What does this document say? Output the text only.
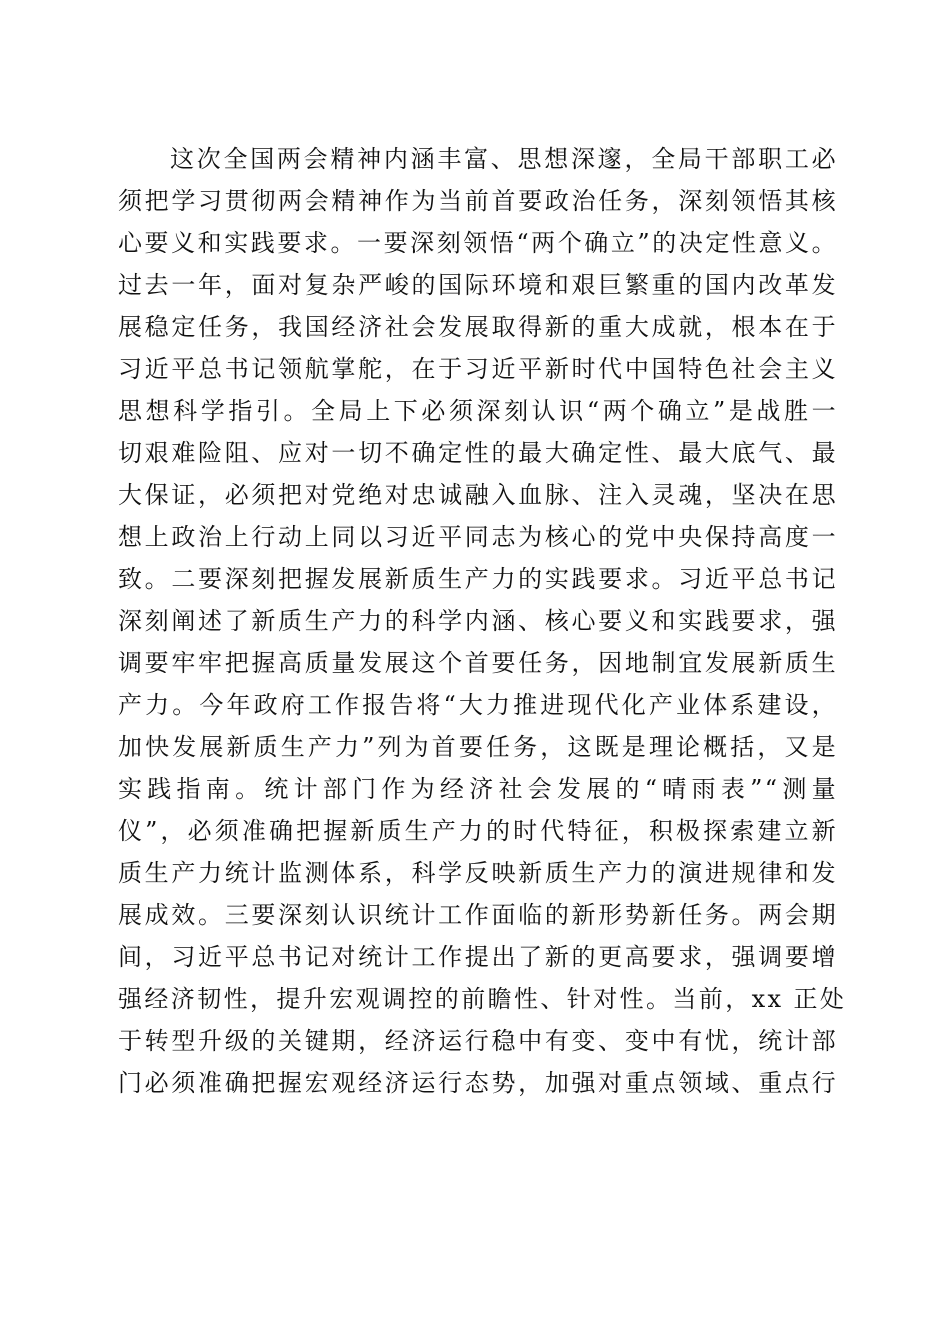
这次全国两会精神内涵丰富、思想深邃，全局干部职工必
须把学习贯彻两会精神作为当前首要政治任务，深刻领悟其核
心要义和实践要求。一要深刻领悟“两个确立”的决定性意义。
过去一年，面对复杂严峻的国际环境和艰巨繁重的国内改革发
展稳定任务，我国经济社会发展取得新的重大成就，根本在于
习近平总书记领航掌舵，在于习近平新时代中国特色社会主义
思想科学指引。全局上下必须深刻认识“两个确立”是战胜一
切艰难险阻、应对一切不确定性的最大确定性、最大底气、最
大保证，必须把对党绝对忠诚融入血脉、注入灵魂，坚决在思
想上政治上行动上同以习近平同志为核心的党中央保持高度一
致。二要深刻把握发展新质生产力的实践要求。习近平总书记
深刻阐述了新质生产力的科学内涵、核心要义和实践要求，强
调要牢牢把握高质量发展这个首要任务，因地制宜发展新质生
产力。今年政府工作报告将“大力推进现代化产业体系建设，
加快发展新质生产力”列为首要任务，这既是理论概括，又是
实践指南。统计部门作为经济社会发展的“晴雨表”“测量
仪”，必须准确把握新质生产力的时代特征，积极探索建立新
质生产力统计监测体系，科学反映新质生产力的演进规律和发
展成效。三要深刻认识统计工作面临的新形势新任务。两会期
间，习近平总书记对统计工作提出了新的更高要求，强调要增
强经济韧性，提升宏观调控的前瞻性、针对性。当前，xx 正处
于转型升级的关键期，经济运行稳中有变、变中有忧，统计部
门必须准确把握宏观经济运行态势，加强对重点领域、重点行
